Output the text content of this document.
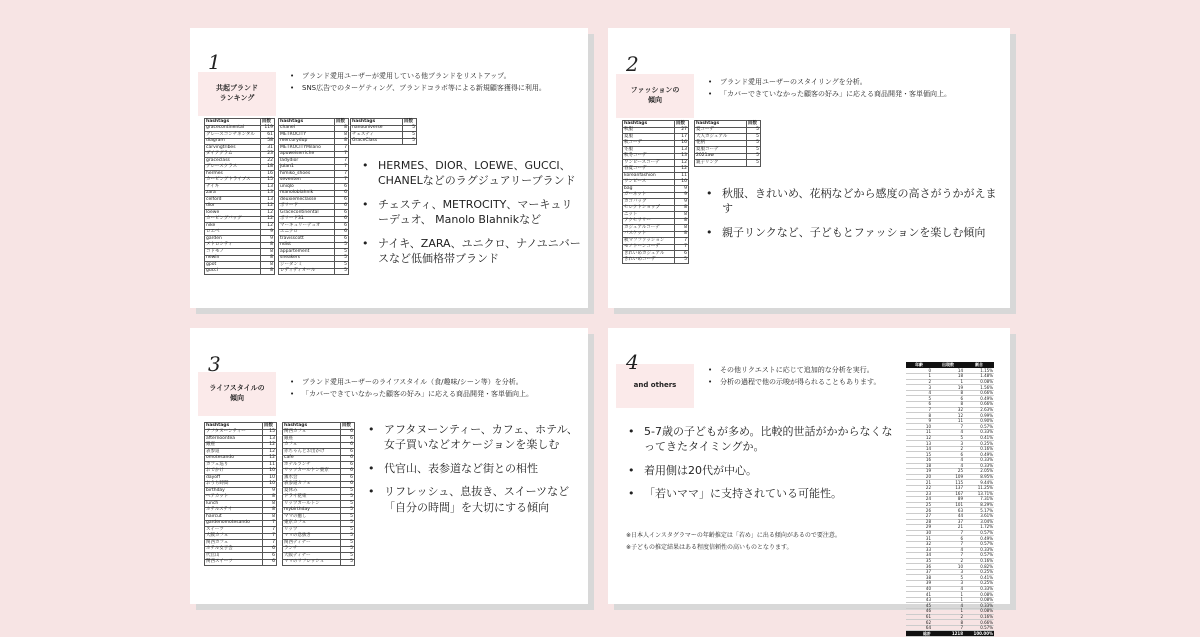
共起ブランド
ランキング
1
• ブランド愛用ユーザーが愛用している他ブランドをリストアップ。
• SNS広告でのターゲティング、ブランドコラボ等による新規顧客獲得に利用。
hashtags	回数
gracecontinental	119
グレースコンチネンタル	61
diagram	58
carvingtribes	31
ダイアグラム	23
graceclass	22
グレースクラス	18
hermes	16
カービングトライブス	15
ナイキ	13
zara	13
celford	13
dior	12
loewe	12
カービングバッグ	12
nike	12
ロエベ	9
garden	9
メトロシティ	8
コドモノ	8
newin	8
gpot	8
gucci	8
hashtags	回数
chanel	8
METROCITY	8
mercurydup	8
METROCITYMilano	7
apuweiserriche	7
ladydior	7
julan1	7
himiko_shoes	7
seventen	7
uniqlo	6
manoloblahnik	6
deuxiemeclasse	6
ボリード	6
Gracecontinental	6
ボリード31	6
マーキュリーデュオ	6
ユニクロ	6
travisscott	6
ndist	5
appartement	5
sneakers	5
ジーダンミ	5
レディディオール	5
hashtags	回数
nanouniverse	5
チェスティ	5
GraceClass	5
• HERMES、DIOR、LOEWE、GUCCI、CHANELなどのラグジュアリーブランド
• チェスティ、METROCITY、マーキュリーデュオ、 Manolo Blahnikなど
• ナイキ、ZARA、ユニクロ、ナノユニバースなど低価格帯ブランド
ファッションの
傾向
2
• ブランド愛用ユーザーのスタイリングを分析。
• 「カバーできていなかった顧客の好み」に応える商品開発・客単価向上。
hashtags	回数
秋服	27
夏服	17
秋コーデ	16
冬服	13
秋冬コーデ	13
ワンピースコーデ	12
春夏コーデ	12
koreanfashion	11
ワンピース	10
bag	9
ガーネット	9
カゴバッグ	9
セレクトショップ	8
ニット	8
アクセサリー	8
カジュアルコーデ	8
バスケット	8
秋マフファッション	7
モノトーンコーデ	7
きれいめカジュアル	6
きれいめコーデ	5
hashtags	回数
夏コーデ	5
大人カジュアル	5
花柄	5
夏服コーデ	5
2021aw	5
親子リンク	5
• 秋服、きれいめ、花柄などから感度の高さがうかがえます
• 親子リンクなど、子どもとファッションを楽しむ傾向
ライフスタイルの
傾向
3
• ブランド愛用ユーザーのライフスタイル（食/趣味/シーン等）を分析。
• 「カバーできていなかった顧客の好み」に応える商品開発・客単価向上。
hashtags	回数
アフタヌーンティー	15
afternoontea	13
銀座	12
表参道	12
omotesando	12
カフェ巡り	11
おでかけ	10
dayoff	10
おうち時間	10
birthday	9
ヘアカット	8
lunch	8
ホテルステイ	8
haircut	8
gardenomotesando	7
スイーツ	7
大阪カフェ	7
関西カフェ	7
ホテル女子会	6
代官山	6
関西スイーツ	6
hashtags	回数
関西カフェ	6
銀座	6
カフェ	6
赤ちゃんとお出かけ	6
cafe	6
ホテルランチ	6
リッツカールトン東京	6
薫水会	6
表参道カフェ	6
夏休み	5
ドライ花束	5
リッツカールトン	5
mybirthday	5
ママの癒し	5
東京カフェ	5
リッツ	5
ママの息抜き	5
関西ディナー	5
ランチ	5
大阪ディナー	5
ママのリフレッシュ	5
• アフタヌーンティー、カフェ、ホテル、女子買いなどオケージョンを楽しむ
• 代官山、表参道など街との相性
• リフレッシュ、息抜き、スイーツなど「自分の時間」を大切にする傾向
and others
4	• その他リクエストに応じて追加的な分析を実行。
• 分析の過程で他の示唆が得られることもあります。
• 5-7歳の子どもが多め。比較的世話がかからなくなってきたタイミングか。
• 着用側は20代が中心。
• 「若いママ」に支持されている可能性。
※日本人インスタグラマーの年齢推定は「若め」に出る傾向があるので要注意。
※子どもの推定結果はある程度信頼性の高いものとなります。
年齢	出現数	割合
0	14	1.15%
1	18	1.48%
2	1	0.08%
3	19	1.56%
4	8	0.66%
5	6	0.49%
6	8	0.66%
7	32	2.63%
8	12	0.99%
9	11	0.90%
10	7	0.57%
11	4	0.33%
12	5	0.41%
13	3	0.25%
14	2	0.16%
15	6	0.49%
16	4	0.33%
18	4	0.33%
19	25	2.05%
20	109	8.95%
21	115	9.44%
22	137	11.25%
23	167	13.71%
24	89	7.31%
25	101	8.29%
26	63	5.17%
27	44	3.61%
28	37	3.04%
29	21	1.72%
30	7	0.57%
31	6	0.49%
32	7	0.57%
33	4	0.33%
34	7	0.57%
35	2	0.16%
36	10	0.82%
37	3	0.25%
38	5	0.41%
39	3	0.25%
40	4	0.33%
41	1	0.08%
43	1	0.08%
45	4	0.33%
46	1	0.08%
61	2	0.16%
62	8	0.66%
64	7	0.57%
総計	1218	100.00%
